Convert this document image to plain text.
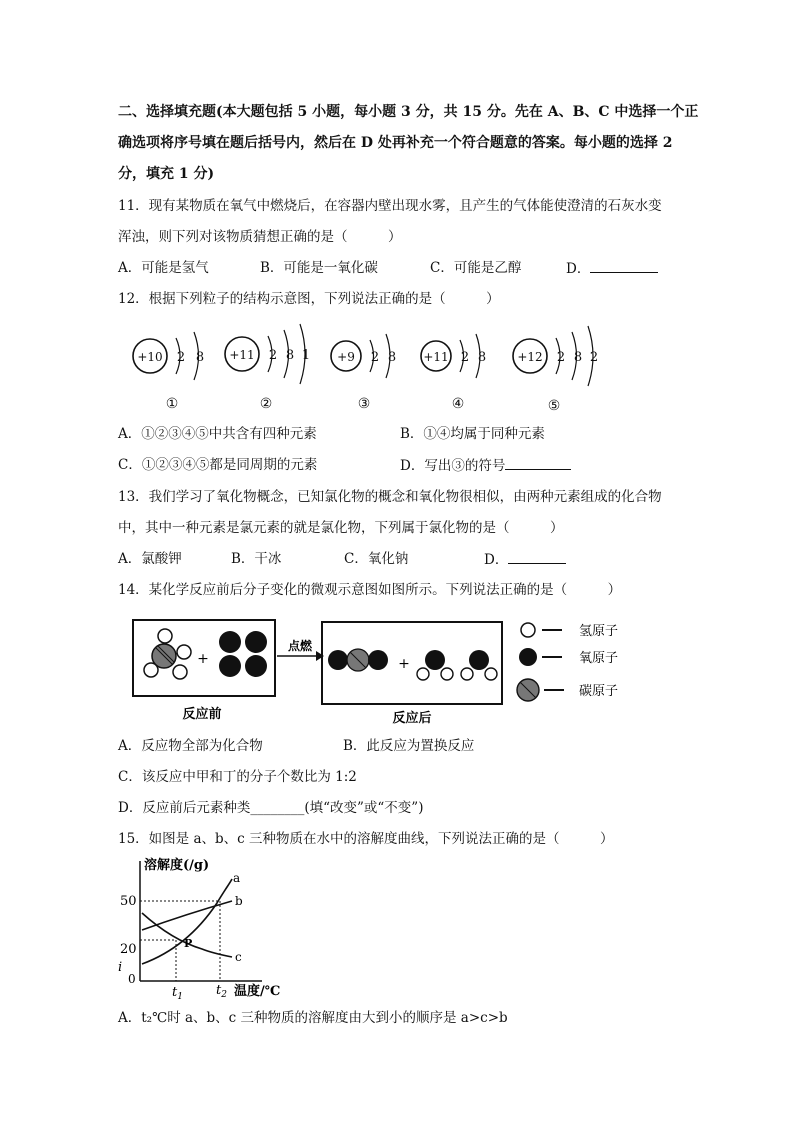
二、选择填充题(本大题包括 5 小题，每小题 3 分，共 15 分。先在 A、B、C 中选择一个正
确选项将序号填在题后括号内，然后在 D 处再补充一个符合题意的答案。每小题的选择 2
分，填充 1 分)
11．现有某物质在氧气中燃烧后，在容器内壁出现水雾，且产生的气体能使澄清的石灰水变
浑浊，则下列对该物质猜想正确的是（　　　）
A．可能是氢气	B．可能是一氧化碳	C．可能是乙醇	D．
12．根据下列粒子的结构示意图，下列说法正确的是（　　　）
+10 2 8
①
+11 2 8 1
②
+9 2 8
③
+11 2 8
④
+12 2 8 2
⑤
A．①②③④⑤中共含有四种元素	B．①④均属于同种元素
C．①②③④⑤都是同周期的元素	D．写出③的符号
13．我们学习了氧化物概念，已知氯化物的概念和氧化物很相似，由两种元素组成的化合物
中，其中一种元素是氯元素的就是氯化物，下列属于氯化物的是（　　　）
A．氯酸钾	B．干冰	C．氧化钠	D．
14．某化学反应前后分子变化的微观示意图如图所示。下列说法正确的是（　　　）
+
反应前
点燃
+
反应后
氢原子
氧原子
碳原子
A．反应物全部为化合物	B．此反应为置换反应
C．该反应中甲和丁的分子个数比为 1:2
D．反应前后元素种类________(填“改变”或“不变”)
15．如图是 a、b、c 三种物质在水中的溶解度曲线，下列说法正确的是（　　　）
溶解度(/g)
a
b
c
P
50
20
i
0
$t_1$	$t_2$ 温度/℃
A．t₂℃时 a、b、c 三种物质的溶解度由大到小的顺序是 a>c>b
